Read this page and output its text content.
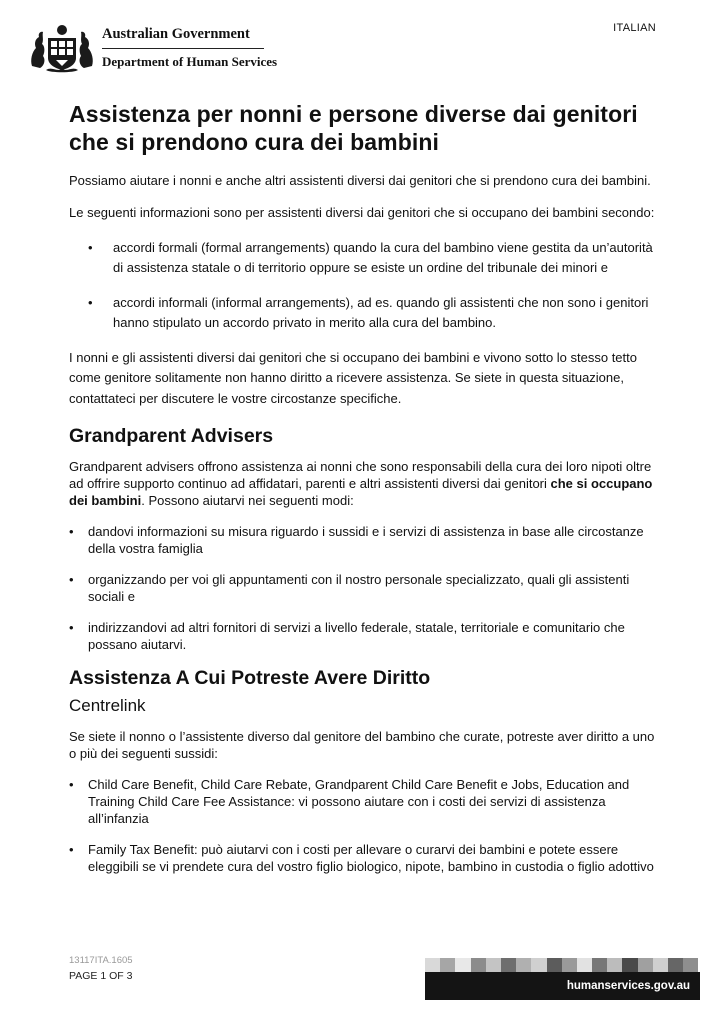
ITALIAN
Australian Government
Department of Human Services
Assistenza per nonni e persone diverse dai genitori che si prendono cura dei bambini

Possiamo aiutare i nonni e anche altri assistenti diversi dai genitori che si prendono cura dei bambini.

Le seguenti informazioni sono per assistenti diversi dai genitori che si occupano dei bambini secondo:

• accordi formali (formal arrangements) quando la cura del bambino viene gestita da un’autorità di assistenza statale o di territorio oppure se esiste un ordine del tribunale dei minori e
• accordi informali (informal arrangements), ad es. quando gli assistenti che non sono i genitori hanno stipulato un accordo privato in merito alla cura del bambino.

I nonni e gli assistenti diversi dai genitori che si occupano dei bambini e vivono sotto lo stesso tetto come genitore solitamente non hanno diritto a ricevere assistenza. Se siete in questa situazione, contattateci per discutere le vostre circostanze specifiche.

Grandparent Advisers

Grandparent advisers offrono assistenza ai nonni che sono responsabili della cura dei loro nipoti oltre ad offrire supporto continuo ad affidatari, parenti e altri assistenti diversi dai genitori che si occupano dei bambini. Possono aiutarvi nei seguenti modi:

• dandovi informazioni su misura riguardo i sussidi e i servizi di assistenza in base alle circostanze della vostra famiglia
• organizzando per voi gli appuntamenti con il nostro personale specializzato, quali gli assistenti sociali e
• indirizzandovi ad altri fornitori di servizi a livello federale, statale, territoriale e comunitario che possano aiutarvi.
Assistenza A Cui Potreste Avere Diritto
Centrelink

Se siete il nonno o l’assistente diverso dal genitore del bambino che curate, potreste aver diritto a uno o più dei seguenti sussidi:

• Child Care Benefit, Child Care Rebate, Grandparent Child Care Benefit e Jobs, Education and Training Child Care Fee Assistance: vi possono aiutare con i costi dei servizi di assistenza all’infanzia
• Family Tax Benefit: può aiutarvi con i costi per allevare o curarvi dei bambini e potete essere eleggibili se vi prendete cura del vostro figlio biologico, nipote, bambino in custodia o figlio adottivo
13117ITA.1605
PAGE 1 OF 3
humanservices.gov.au
